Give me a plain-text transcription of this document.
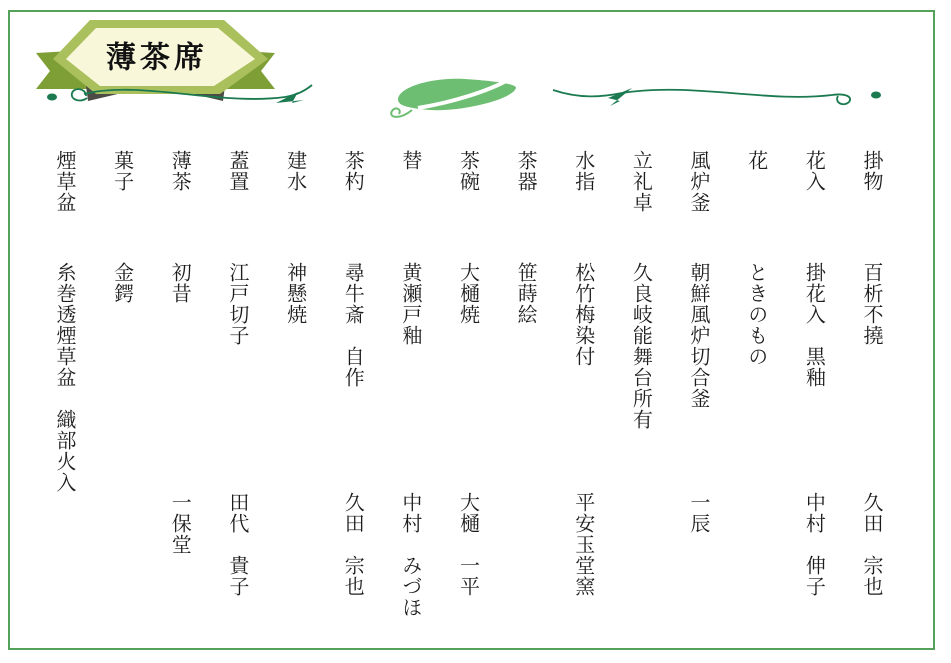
薄茶席
掛物 百析不撓 久田　宗也
花入 掛花入　黒釉 中村　伸子
花 ときのもの
風炉釜 朝鮮風炉切合釜 一辰
立礼卓 久良岐能舞台所有
水指 松竹梅染付 平安玉堂窯
茶器 笹蒔絵
茶碗 大樋焼 大樋　一平
替 黄瀬戸釉 中村　みづほ
茶杓 尋牛斎　自作 久田　宗也
建水 神懸焼
蓋置 江戸切子 田代　貴子
薄茶 初昔 一保堂
菓子 金鍔
煙草盆 糸巻透煙草盆　織部火入
